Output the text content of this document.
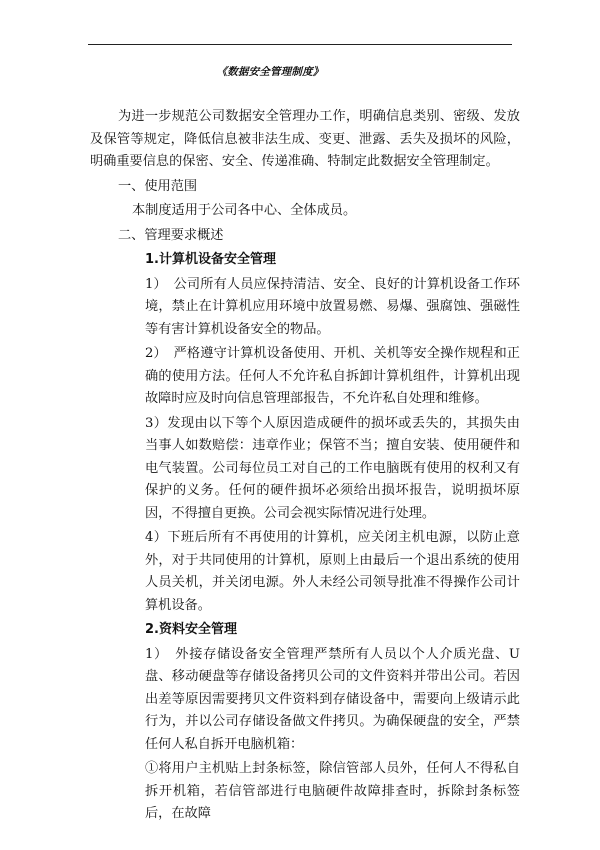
《数据安全管理制度》

为进一步规范公司数据安全管理办工作，明确信息类别、密级、发放及保管等规定，降低信息被非法生成、变更、泄露、丢失及损坏的风险，明确重要信息的保密、安全、传递准确、特制定此数据安全管理制定。

一、使用范围

本制度适用于公司各中心、全体成员。

二、管理要求概述

1.计算机设备安全管理

1）　公司所有人员应保持清洁、安全、良好的计算机设备工作环境，禁止在计算机应用环境中放置易燃、易爆、强腐蚀、强磁性等有害计算机设备安全的物品。

2）　严格遵守计算机设备使用、开机、关机等安全操作规程和正确的使用方法。任何人不允许私自拆卸计算机组件，计算机出现故障时应及时向信息管理部报告，不允许私自处理和维修。

3）发现由以下等个人原因造成硬件的损坏或丢失的，其损失由当事人如数赔偿：违章作业；保管不当；擅自安装、使用硬件和电气装置。公司每位员工对自己的工作电脑既有使用的权利又有保护的义务。任何的硬件损坏必须给出损坏报告，说明损坏原因，不得擅自更换。公司会视实际情况进行处理。

4）下班后所有不再使用的计算机，应关闭主机电源，以防止意外，对于共同使用的计算机，原则上由最后一个退出系统的使用人员关机，并关闭电源。外人未经公司领导批准不得操作公司计算机设备。

2.资料安全管理

1）　外接存储设备安全管理严禁所有人员以个人介质光盘、U盘、移动硬盘等存储设备拷贝公司的文件资料并带出公司。若因出差等原因需要拷贝文件资料到存储设备中，需要向上级请示此行为，并以公司存储设备做文件拷贝。为确保硬盘的安全，严禁任何人私自拆开电脑机箱：

①将用户主机贴上封条标签，除信管部人员外，任何人不得私自拆开机箱，若信管部进行电脑硬件故障排查时，拆除封条标签后，在故障
